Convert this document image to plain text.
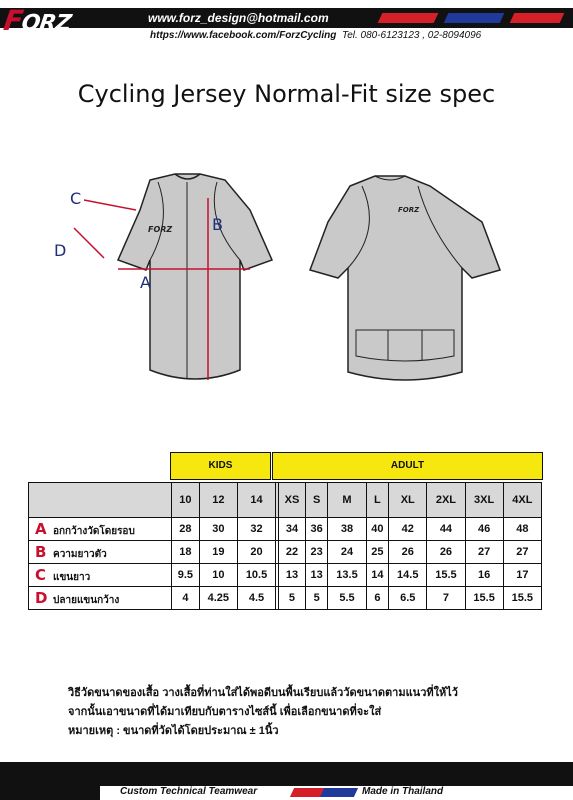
FORZ	www.forz_design@hotmail.com
https://www.facebook.com/ForzCycling Tel. 080-6123123 , 02-8094096
Cycling Jersey Normal-Fit size spec
FORZ
A
B
C
D
FORZ
KIDS	ADULT
	10	12	14		XS	S	M	L	XL	2XL	3XL	4XL
A อกกว้างวัดโดยรอบ	28	30	32		34	36	38	40	42	44	46	48
B ความยาวตัว	18	19	20		22	23	24	25	26	26	27	27
C แขนยาว	9.5	10	10.5		13	13	13.5	14	14.5	15.5	16	17
D ปลายแขนกว้าง	4	4.25	4.5		5	5	5.5	6	6.5	7	15.5	15.5
วิธีวัดขนาดของเสื้อ วางเสื้อที่ท่านใส่ได้พอดีบนพื้นเรียบแล้ววัดขนาดตามแนวที่ให้ไว้
จากนั้นเอาขนาดที่ได้มาเทียบกับตารางไซส์นี้ เพื่อเลือกขนาดที่จะใส่
หมายเหตุ : ขนาดที่วัดได้โดยประมาณ ± 1นิ้ว
Custom Technical Teamwear	Made in Thailand
